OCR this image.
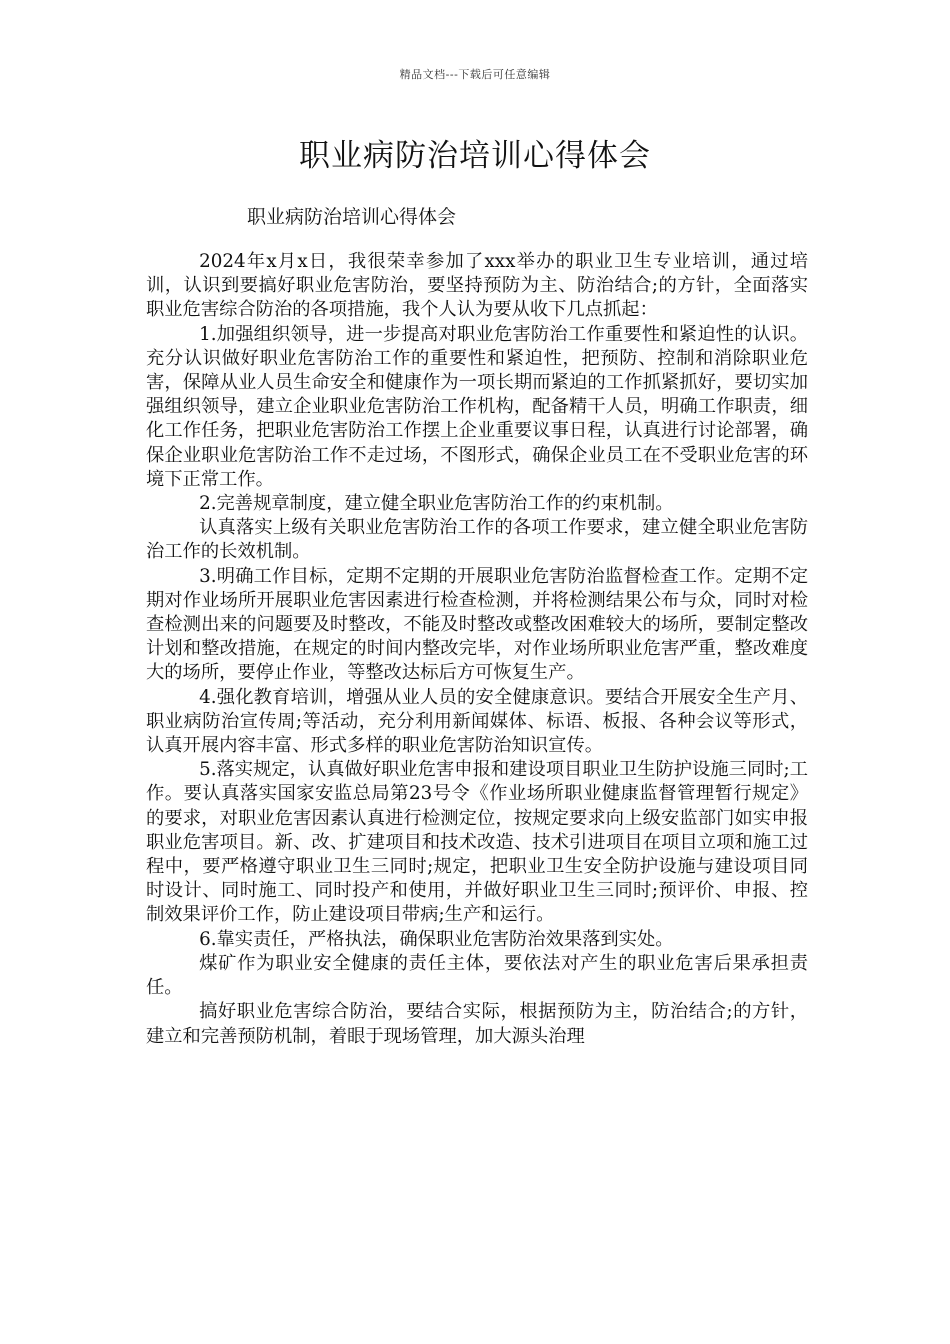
精品文档---下载后可任意编辑
职业病防治培训心得体会
职业病防治培训心得体会

2024年x月x日，我很荣幸参加了xxx举办的职业卫生专业培训，通过培训，认识到要搞好职业危害防治，要坚持预防为主、防治结合;的方针，全面落实职业危害综合防治的各项措施，我个人认为要从收下几点抓起：

1.加强组织领导，进一步提高对职业危害防治工作重要性和紧迫性的认识。充分认识做好职业危害防治工作的重要性和紧迫性，把预防、控制和消除职业危害，保障从业人员生命安全和健康作为一项长期而紧迫的工作抓紧抓好，要切实加强组织领导，建立企业职业危害防治工作机构，配备精干人员，明确工作职责，细化工作任务，把职业危害防治工作摆上企业重要议事日程，认真进行讨论部署，确保企业职业危害防治工作不走过场，不图形式，确保企业员工在不受职业危害的环境下正常工作。

2.完善规章制度，建立健全职业危害防治工作的约束机制。

认真落实上级有关职业危害防治工作的各项工作要求，建立健全职业危害防治工作的长效机制。

3.明确工作目标，定期不定期的开展职业危害防治监督检查工作。定期不定期对作业场所开展职业危害因素进行检查检测，并将检测结果公布与众，同时对检查检测出来的问题要及时整改，不能及时整改或整改困难较大的场所，要制定整改计划和整改措施，在规定的时间内整改完毕，对作业场所职业危害严重，整改难度大的场所，要停止作业，等整改达标后方可恢复生产。

4.强化教育培训，增强从业人员的安全健康意识。要结合开展安全生产月、职业病防治宣传周;等活动，充分利用新闻媒体、标语、板报、各种会议等形式，认真开展内容丰富、形式多样的职业危害防治知识宣传。

5.落实规定，认真做好职业危害申报和建设项目职业卫生防护设施三同时;工作。要认真落实国家安监总局第23号令《作业场所职业健康监督管理暂行规定》的要求，对职业危害因素认真进行检测定位，按规定要求向上级安监部门如实申报职业危害项目。新、改、扩建项目和技术改造、技术引进项目在项目立项和施工过程中，要严格遵守职业卫生三同时;规定，把职业卫生安全防护设施与建设项目同时设计、同时施工、同时投产和使用，并做好职业卫生三同时;预评价、申报、控制效果评价工作，防止建设项目带病;生产和运行。

6.靠实责任，严格执法，确保职业危害防治效果落到实处。

煤矿作为职业安全健康的责任主体，要依法对产生的职业危害后果承担责任。

搞好职业危害综合防治，要结合实际，根据预防为主，防治结合;的方针，建立和完善预防机制，着眼于现场管理，加大源头治理
